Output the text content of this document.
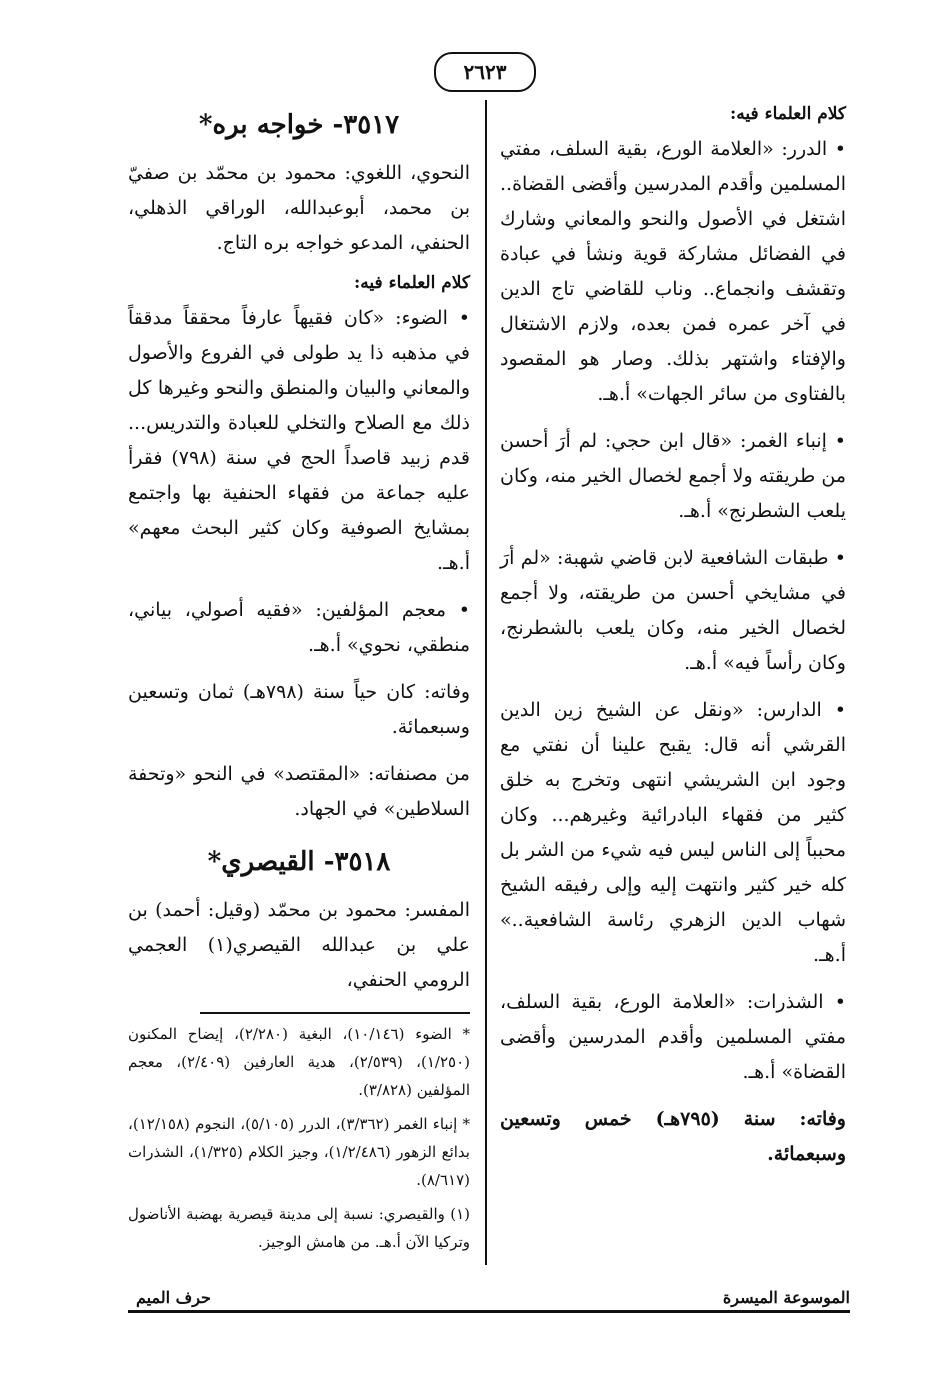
٢٦٢٣
كلام العلماء فيه:

• الدرر: «العلامة الورع، بقية السلف، مفتي المسلمين وأقدم المدرسين وأقضى القضاة.. اشتغل في الأصول والنحو والمعاني وشارك في الفضائل مشاركة قوية ونشأ في عبادة وتقشف وانجماع.. وناب للقاضي تاج الدين في آخر عمره فمن بعده، ولازم الاشتغال والإفتاء واشتهر بذلك. وصار هو المقصود بالفتاوى من سائر الجهات» أ.هـ.

• إنباء الغمر: «قال ابن حجي: لم أرَ أحسن من طريقته ولا أجمع لخصال الخير منه، وكان يلعب الشطرنج» أ.هـ.

• طبقات الشافعية لابن قاضي شهبة: «لم أرَ في مشايخي أحسن من طريقته، ولا أجمع لخصال الخير منه، وكان يلعب بالشطرنج، وكان رأساً فيه» أ.هـ.

• الدارس: «ونقل عن الشيخ زين الدين القرشي أنه قال: يقبح علينا أن نفتي مع وجود ابن الشريشي انتهى وتخرج به خلق كثير من فقهاء البادرائية وغيرهم... وكان محبباً إلى الناس ليس فيه شيء من الشر بل كله خير كثير وانتهت إليه وإلى رفيقه الشيخ شهاب الدين الزهري رئاسة الشافعية..» أ.هـ.

• الشذرات: «العلامة الورع، بقية السلف، مفتي المسلمين وأقدم المدرسين وأقضى القضاة» أ.هـ.

وفاته: سنة (٧٩٥هـ) خمس وتسعين وسبعمائة.

٣٥١٧- خواجه بره*

النحوي، اللغوي: محمود بن محمّد بن صفيّ بن محمد، أبوعبدالله، الوراقي الذهلي، الحنفي، المدعو خواجه بره التاج.

كلام العلماء فيه:

• الضوء: «كان فقيهاً عارفاً محققاً مدققاً في مذهبه ذا يد طولى في الفروع والأصول والمعاني والبيان والمنطق والنحو وغيرها كل ذلك مع الصلاح والتخلي للعبادة والتدريس... قدم زبيد قاصداً الحج في سنة (٧٩٨) فقرأ عليه جماعة من فقهاء الحنفية بها واجتمع بمشايخ الصوفية وكان كثير البحث معهم» أ.هـ.

• معجم المؤلفين: «فقيه أصولي، بياني، منطقي، نحوي» أ.هـ.

وفاته: كان حياً سنة (٧٩٨هـ) ثمان وتسعين وسبعمائة.

من مصنفاته: «المقتصد» في النحو «وتحفة السلاطين» في الجهاد.

٣٥١٨- القيصري*

المفسر: محمود بن محمّد (وقيل: أحمد) بن علي بن عبدالله القيصري(١) العجمي الرومي الحنفي،

* الضوء (١٠/١٤٦)، البغية (٢/٢٨٠)، إيضاح المكنون (١/٢٥٠)، (٢/٥٣٩)، هدية العارفين (٢/٤٠٩)، معجم المؤلفين (٣/٨٢٨).

* إنباء الغمر (٣/٣٦٢)، الدرر (٥/١٠٥)، النجوم (١٢/١٥٨)، بدائع الزهور (١/٢/٤٨٦)، وجيز الكلام (١/٣٢٥)، الشذرات (٨/٦١٧).

(١) والقيصري: نسبة إلى مدينة قيصرية بهضبة الأناضول وتركيا الآن أ.هـ. من هامش الوجيز.

الموسوعة الميسرة
حرف الميم
